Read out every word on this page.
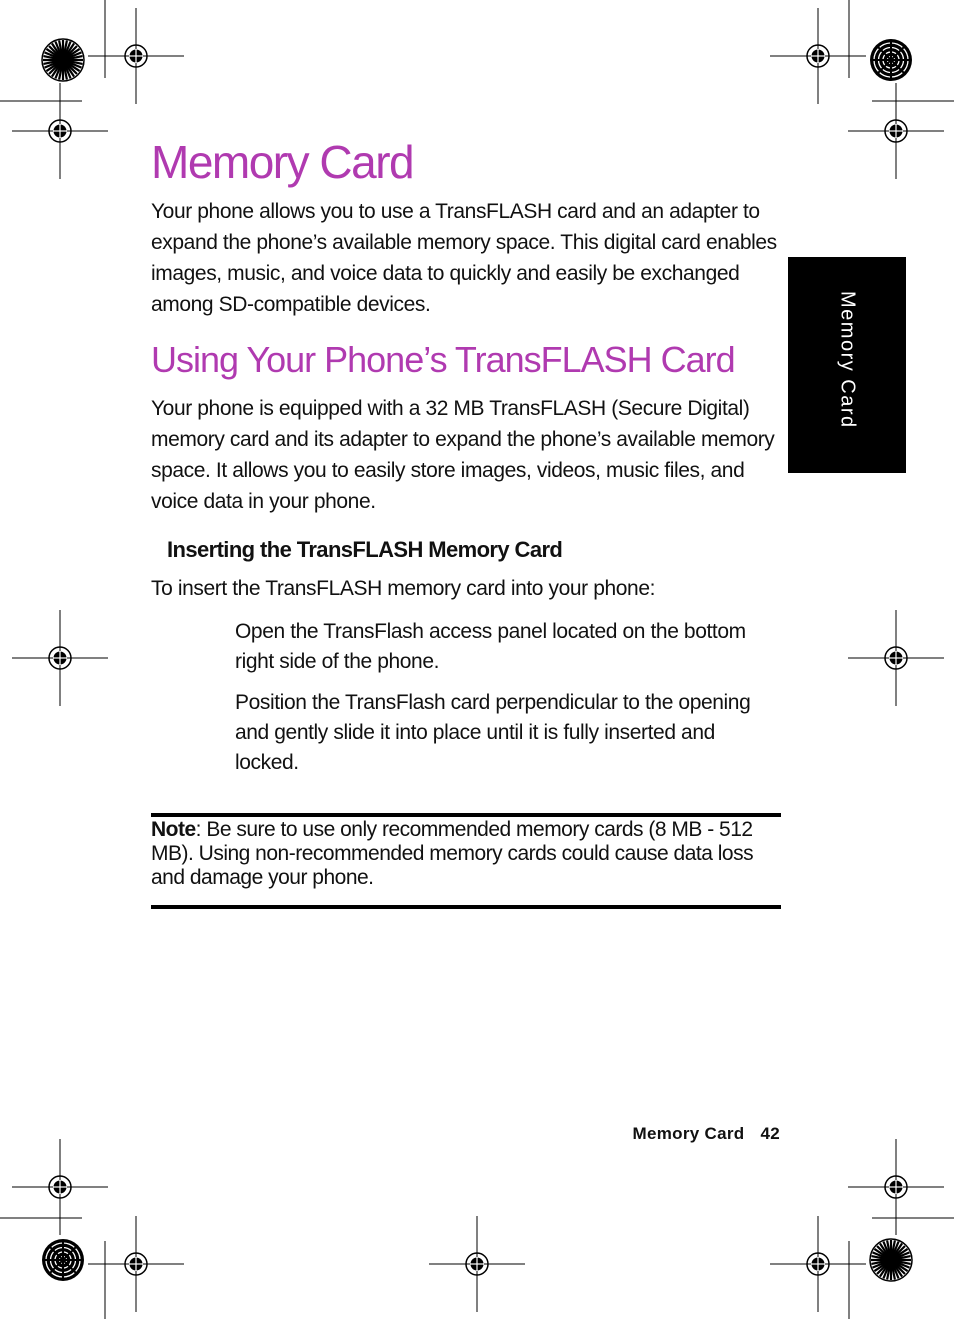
Memory Card
Memory Card

Your phone allows you to use a TransFLASH card and an adapter to expand the phone’s available memory space. This digital card enables images, music, and voice data to quickly and easily be exchanged among SD-compatible devices.

Using Your Phone’s TransFLASH Card

Your phone is equipped with a 32 MB TransFLASH (Secure Digital) memory card and its adapter to expand the phone’s available memory space. It allows you to easily store images, videos, music files, and voice data in your phone.

Inserting the TransFLASH Memory Card

To insert the TransFLASH memory card into your phone:

Open the TransFlash access panel located on the bottom right side of the phone.

Position the TransFlash card perpendicular to the opening and gently slide it into place until it is fully inserted and locked.

Note: Be sure to use only recommended memory cards (8 MB - 512 MB). Using non-recommended memory cards could cause data loss and damage your phone.

Memory Card 42
